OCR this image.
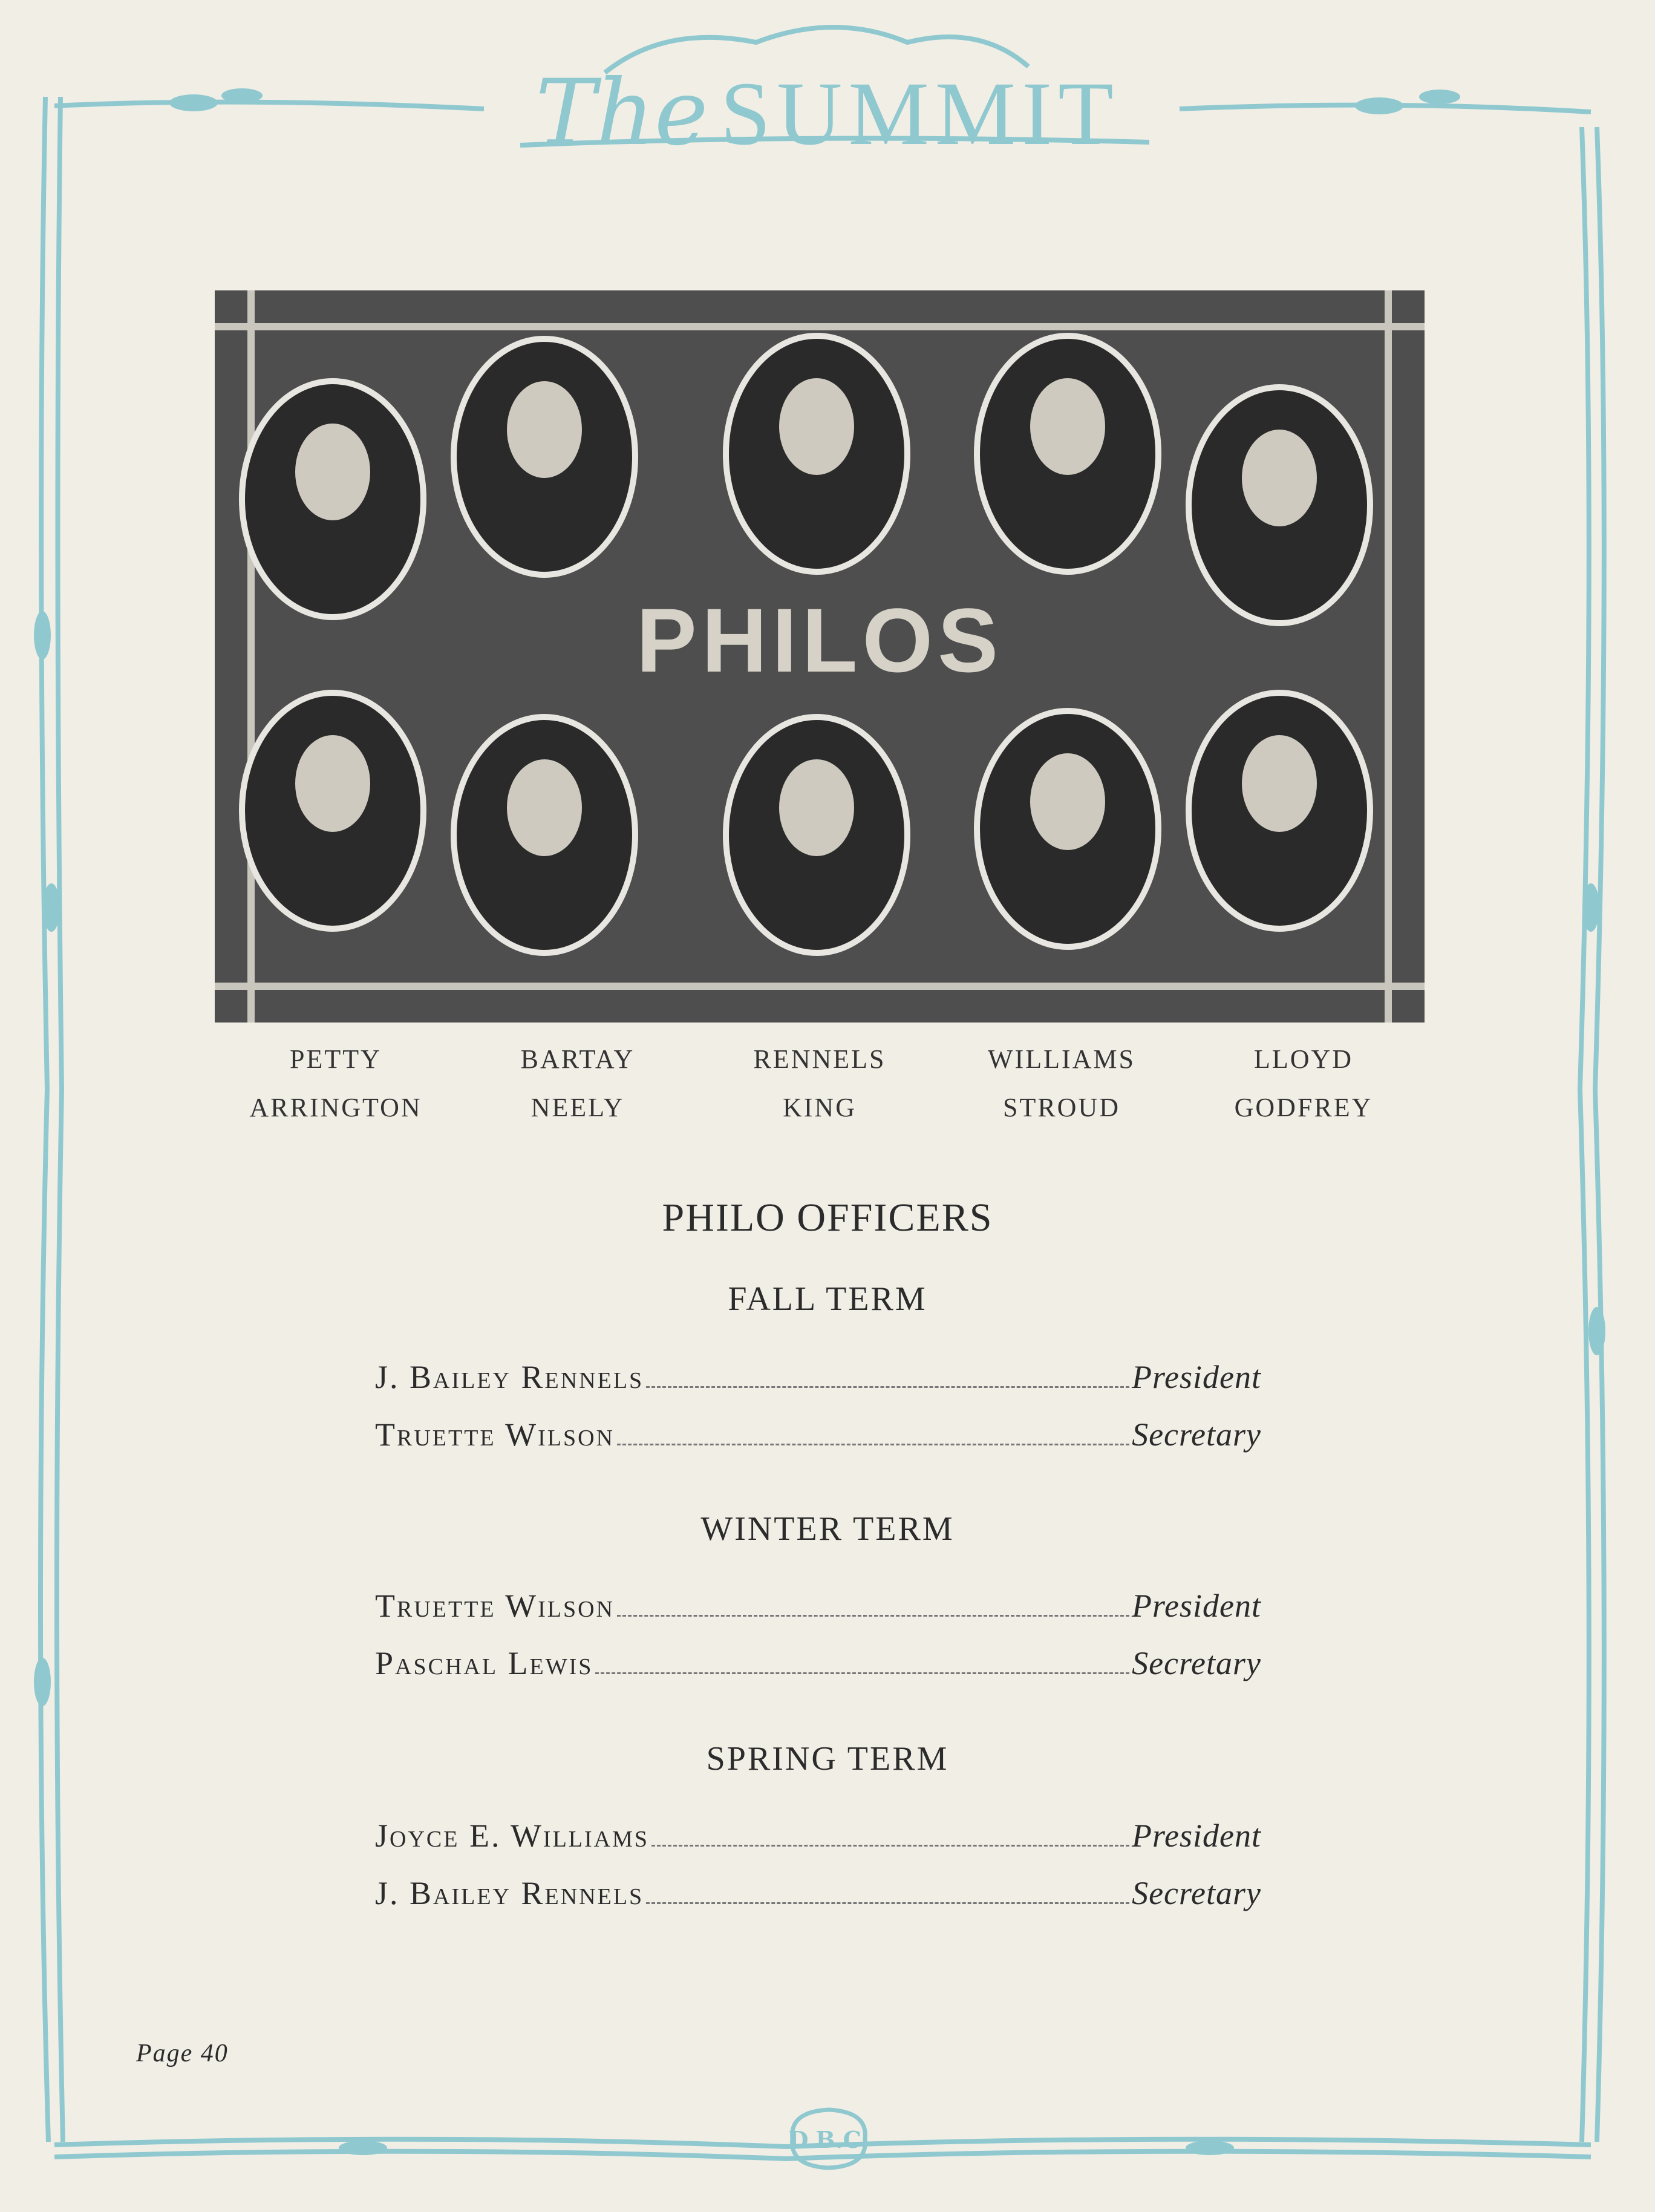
The SUMMIT
PHILOS
PETTY	BARTAY	RENNELS	WILLIAMS	LLOYD
ARRINGTON	NEELY	KING	STROUD	GODFREY
PHILO OFFICERS
FALL TERM
J. Bailey Rennels	President
Truette Wilson	Secretary
WINTER TERM
Truette Wilson	President
Paschal Lewis	Secretary
SPRING TERM
Joyce E. Williams	President
J. Bailey Rennels	Secretary
Page 40
D.B.C.
